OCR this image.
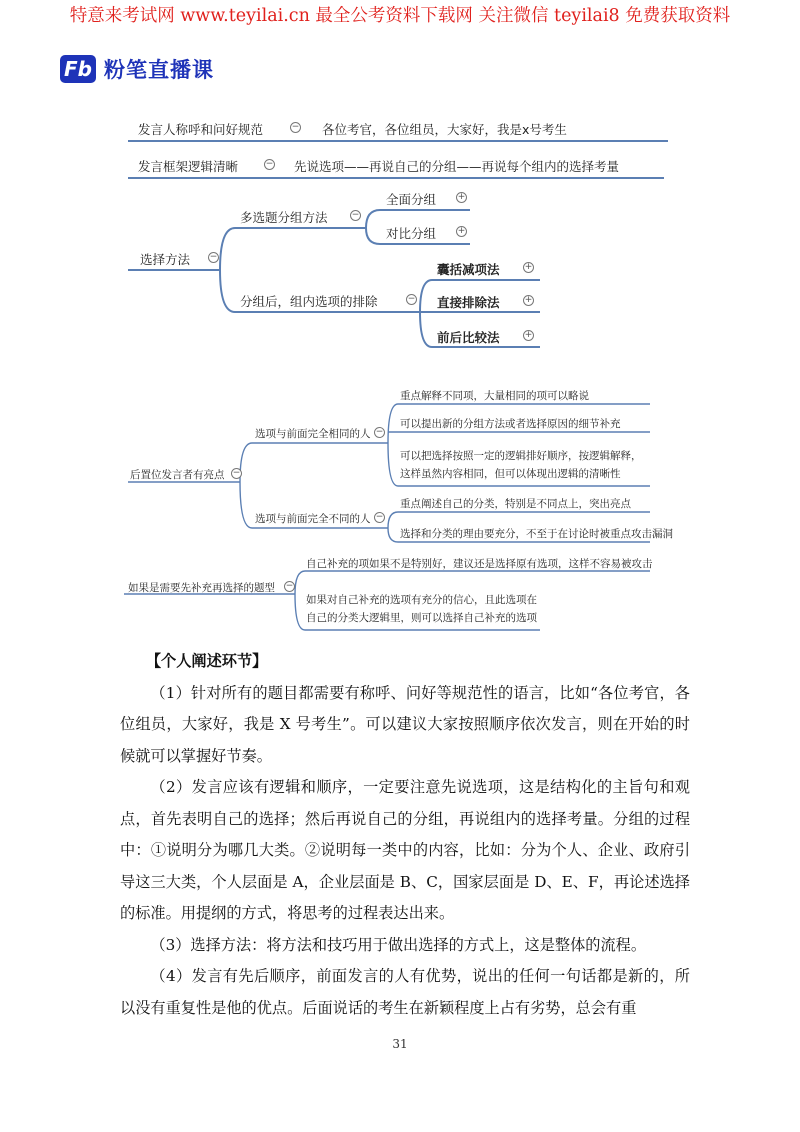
特意来考试网 www.teyilai.cn 最全公考资料下载网 关注微信 teyilai8 免费获取资料
Fb 粉笔直播课
发言人称呼和问好规范	− 各位考官，各位组员，大家好，我是x号考生
发言框架逻辑清晰	− 先说选项——再说自己的分组——再说每个组内的选择考量
选择方法 −
多选题分组方法	−
全面分组 +
对比分组 +
分组后，组内选项的排除	−
囊括减项法	+
直接排除法	+
前后比较法	+
后置位发言者有亮点 −
选项与前面完全相同的人 −
重点解释不同项，大量相同的项可以略说
可以提出新的分组方法或者选择原因的细节补充
可以把选择按照一定的逻辑排好顺序，按逻辑解释，
这样虽然内容相同，但可以体现出逻辑的清晰性
选项与前面完全不同的人 −
重点阐述自己的分类，特别是不同点上，突出亮点
选择和分类的理由要充分，不至于在讨论时被重点攻击漏洞
如果是需要先补充再选择的题型 −
自己补充的项如果不是特别好，建议还是选择原有选项，这样不容易被攻击
如果对自己补充的选项有充分的信心，且此选项在
自己的分类大逻辑里，则可以选择自己补充的选项

【个人阐述环节】

（1）针对所有的题目都需要有称呼、问好等规范性的语言，比如“各位考官，各位组员，大家好，我是 X 号考生”。可以建议大家按照顺序依次发言，则在开始的时候就可以掌握好节奏。

（2）发言应该有逻辑和顺序，一定要注意先说选项，这是结构化的主旨句和观点，首先表明自己的选择；然后再说自己的分组，再说组内的选择考量。分组的过程中：①说明分为哪几大类。②说明每一类中的内容，比如：分为个人、企业、政府引导这三大类，个人层面是 A，企业层面是 B、C，国家层面是 D、E、F，再论述选择的标准。用提纲的方式，将思考的过程表达出来。

（3）选择方法：将方法和技巧用于做出选择的方式上，这是整体的流程。

（4）发言有先后顺序，前面发言的人有优势，说出的任何一句话都是新的，所以没有重复性是他的优点。后面说话的考生在新颖程度上占有劣势，总会有重

31
